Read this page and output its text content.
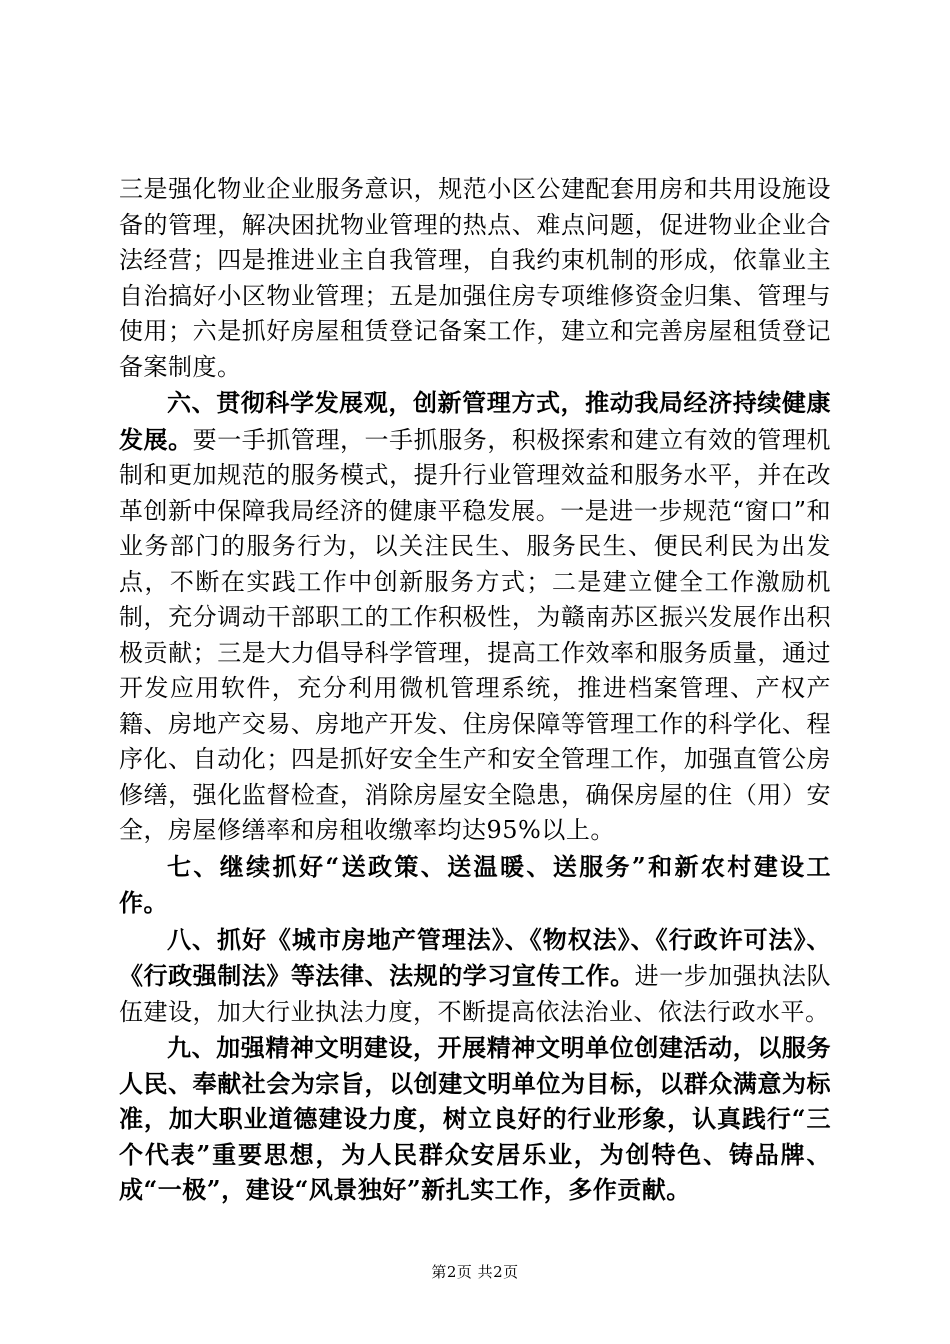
三是强化物业企业服务意识，规范小区公建配套用房和共用设施设备的管理，解决困扰物业管理的热点、难点问题，促进物业企业合法经营；四是推进业主自我管理，自我约束机制的形成，依靠业主自治搞好小区物业管理；五是加强住房专项维修资金归集、管理与使用；六是抓好房屋租赁登记备案工作，建立和完善房屋租赁登记备案制度。

六、贯彻科学发展观，创新管理方式，推动我局经济持续健康发展。要一手抓管理，一手抓服务，积极探索和建立有效的管理机制和更加规范的服务模式，提升行业管理效益和服务水平，并在改革创新中保障我局经济的健康平稳发展。一是进一步规范“窗口”和业务部门的服务行为，以关注民生、服务民生、便民利民为出发点，不断在实践工作中创新服务方式；二是建立健全工作激励机制，充分调动干部职工的工作积极性，为赣南苏区振兴发展作出积极贡献；三是大力倡导科学管理，提高工作效率和服务质量，通过开发应用软件，充分利用微机管理系统，推进档案管理、产权产籍、房地产交易、房地产开发、住房保障等管理工作的科学化、程序化、自动化；四是抓好安全生产和安全管理工作，加强直管公房修缮，强化监督检查，消除房屋安全隐患，确保房屋的住（用）安全，房屋修缮率和房租收缴率均达95%以上。

七、继续抓好“送政策、送温暖、送服务”和新农村建设工作。

八、抓好《城市房地产管理法》、《物权法》、《行政许可法》、《行政强制法》等法律、法规的学习宣传工作。进一步加强执法队伍建设，加大行业执法力度，不断提高依法治业、依法行政水平。

九、加强精神文明建设，开展精神文明单位创建活动，以服务人民、奉献社会为宗旨，以创建文明单位为目标，以群众满意为标准，加大职业道德建设力度，树立良好的行业形象，认真践行“三个代表”重要思想，为人民群众安居乐业，为创特色、铸品牌、成“一极”，建设“风景独好”新扎实工作，多作贡献。

第2页 共2页
